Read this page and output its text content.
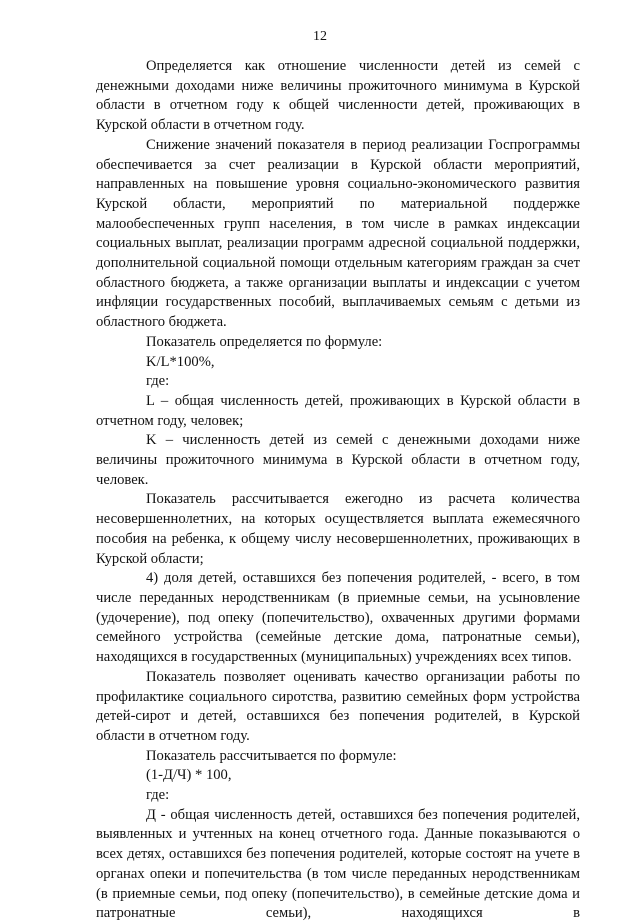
12

Определяется как отношение численности детей из семей с денежными доходами ниже величины прожиточного минимума в Курской области в отчетном году к общей численности детей, проживающих в Курской области в отчетном году.

Снижение значений показателя в период реализации Госпрограммы обеспечивается за счет реализации в Курской области мероприятий, направленных на повышение уровня социально-экономического развития Курской области, мероприятий по материальной поддержке малообеспеченных групп населения, в том числе в рамках индексации социальных выплат, реализации программ адресной социальной поддержки, дополнительной социальной помощи отдельным категориям граждан за счет областного бюджета, а также организации выплаты и индексации с учетом инфляции государственных пособий, выплачиваемых семьям с детьми из областного бюджета.

Показатель определяется по формуле:

K/L*100%,

где:

L – общая численность детей, проживающих в Курской области в отчетном году, человек;

K – численность детей из семей с денежными доходами ниже величины прожиточного минимума в Курской области в отчетном году, человек.

Показатель рассчитывается ежегодно из расчета количества несовершеннолетних, на которых осуществляется выплата ежемесячного пособия на ребенка, к общему числу несовершеннолетних, проживающих в Курской области;

4) доля детей, оставшихся без попечения родителей, - всего, в том числе переданных неродственникам (в приемные семьи, на усыновление (удочерение), под опеку (попечительство), охваченных другими формами семейного устройства (семейные детские дома, патронатные семьи), находящихся в государственных (муниципальных) учреждениях всех типов.

Показатель позволяет оценивать качество организации работы по профилактике социального сиротства, развитию семейных форм устройства детей-сирот и детей, оставшихся без попечения родителей, в Курской области в отчетном году.

Показатель рассчитывается по формуле:

(1-Д/Ч) * 100,

где:

Д - общая численность детей, оставшихся без попечения родителей, выявленных и учтенных на конец отчетного года. Данные показываются о всех детях, оставшихся без попечения родителей, которые состоят на учете в органах опеки и попечительства (в том числе переданных неродственникам (в приемные семьи, под опеку (попечительство), в семейные детские дома и патронатные семьи), находящихся в
